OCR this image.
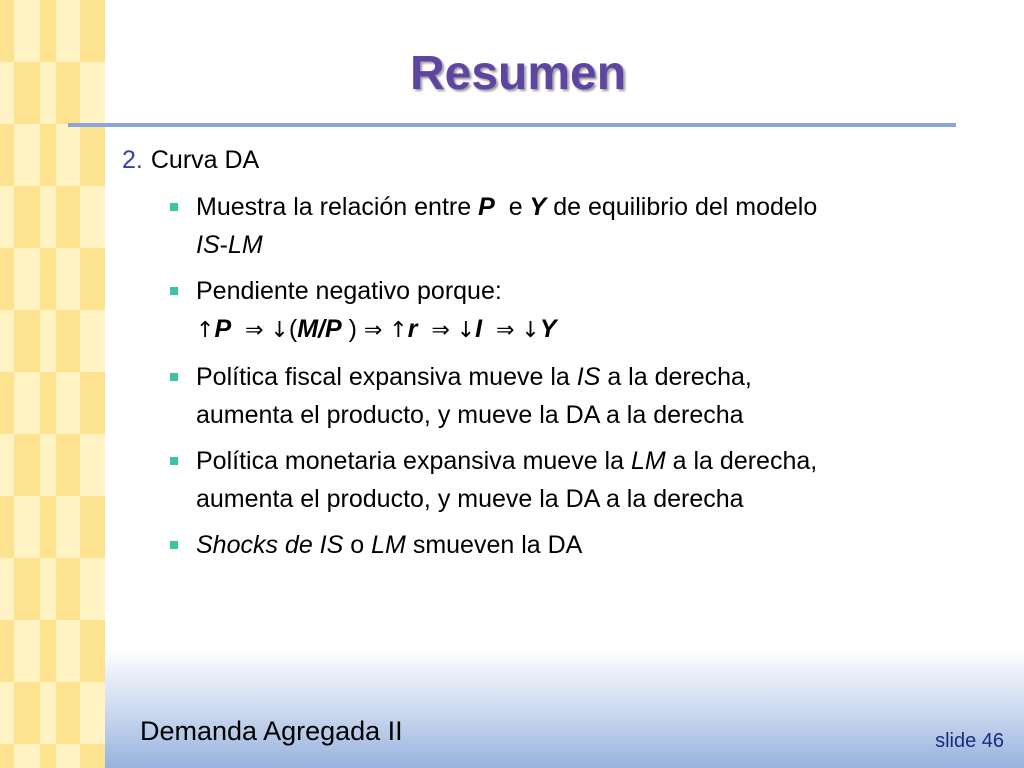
Resumen
2. Curva DA
Muestra la relación entre P e Y de equilibrio del modelo
IS-LM
Pendiente negativo porque:
↑P ⇒ ↓(M/P ) ⇒ ↑r ⇒ ↓I ⇒ ↓Y
Política fiscal expansiva mueve la IS a la derecha,
aumenta el producto, y mueve la DA a la derecha
Política monetaria expansiva mueve la LM a la derecha,
aumenta el producto, y mueve la DA a la derecha
Shocks de IS o LM smueven la DA
Demanda Agregada II	slide 46
